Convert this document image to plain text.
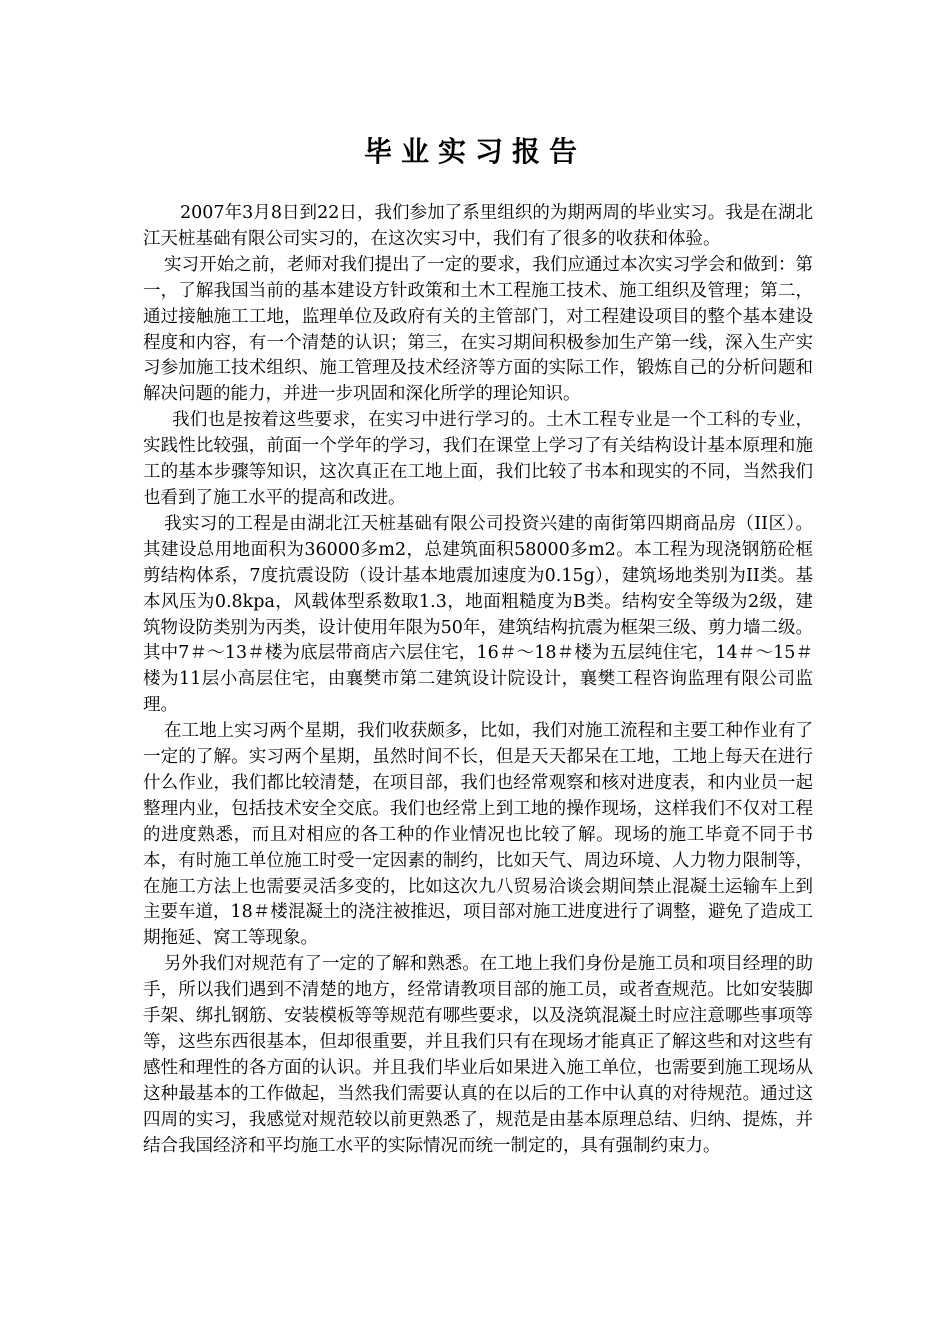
毕业实习报告

2007年3月8日到22日，我们参加了系里组织的为期两周的毕业实习。我是在湖北江天桩基础有限公司实习的，在这次实习中，我们有了很多的收获和体验。

实习开始之前，老师对我们提出了一定的要求，我们应通过本次实习学会和做到：第一，了解我国当前的基本建设方针政策和土木工程施工技术、施工组织及管理；第二，通过接触施工工地，监理单位及政府有关的主管部门，对工程建设项目的整个基本建设程度和内容，有一个清楚的认识；第三，在实习期间积极参加生产第一线，深入生产实习参加施工技术组织、施工管理及技术经济等方面的实际工作，锻炼自己的分析问题和解决问题的能力，并进一步巩固和深化所学的理论知识。

我们也是按着这些要求，在实习中进行学习的。土木工程专业是一个工科的专业，实践性比较强，前面一个学年的学习，我们在课堂上学习了有关结构设计基本原理和施工的基本步骤等知识，这次真正在工地上面，我们比较了书本和现实的不同，当然我们也看到了施工水平的提高和改进。

我实习的工程是由湖北江天桩基础有限公司投资兴建的南街第四期商品房（II区）。其建设总用地面积为36000多m2，总建筑面积58000多m2。本工程为现浇钢筋砼框剪结构体系，7度抗震设防（设计基本地震加速度为0.15g），建筑场地类别为II类。基本风压为0.8kpa，风载体型系数取1.3，地面粗糙度为B类。结构安全等级为2级，建筑物设防类别为丙类，设计使用年限为50年，建筑结构抗震为框架三级、剪力墙二级。其中7＃～13＃楼为底层带商店六层住宅，16＃～18＃楼为五层纯住宅，14＃～15＃楼为11层小高层住宅，由襄樊市第二建筑设计院设计，襄樊工程咨询监理有限公司监理。

在工地上实习两个星期，我们收获颇多，比如，我们对施工流程和主要工种作业有了一定的了解。实习两个星期，虽然时间不长，但是天天都呆在工地，工地上每天在进行什么作业，我们都比较清楚，在项目部，我们也经常观察和核对进度表，和内业员一起整理内业，包括技术安全交底。我们也经常上到工地的操作现场，这样我们不仅对工程的进度熟悉，而且对相应的各工种的作业情况也比较了解。现场的施工毕竟不同于书本，有时施工单位施工时受一定因素的制约，比如天气、周边环境、人力物力限制等，在施工方法上也需要灵活多变的，比如这次九八贸易洽谈会期间禁止混凝土运输车上到主要车道，18＃楼混凝土的浇注被推迟，项目部对施工进度进行了调整，避免了造成工期拖延、窝工等现象。

另外我们对规范有了一定的了解和熟悉。在工地上我们身份是施工员和项目经理的助手，所以我们遇到不清楚的地方，经常请教项目部的施工员，或者查规范。比如安装脚手架、绑扎钢筋、安装模板等等规范有哪些要求，以及浇筑混凝土时应注意哪些事项等等，这些东西很基本，但却很重要，并且我们只有在现场才能真正了解这些和对这些有感性和理性的各方面的认识。并且我们毕业后如果进入施工单位，也需要到施工现场从这种最基本的工作做起，当然我们需要认真的在以后的工作中认真的对待规范。通过这四周的实习，我感觉对规范较以前更熟悉了，规范是由基本原理总结、归纳、提炼，并结合我国经济和平均施工水平的实际情况而统一制定的，具有强制约束力。
